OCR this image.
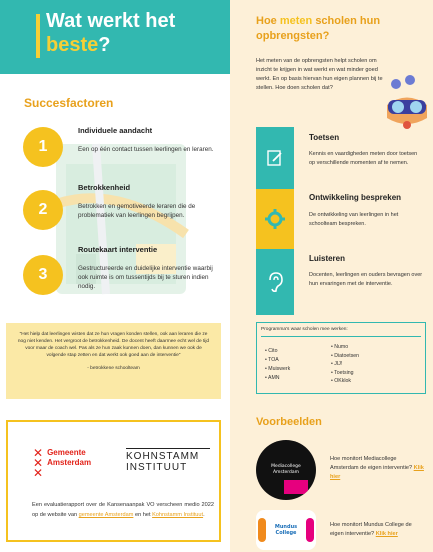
Wat werkt het
beste?
Succesfactoren
1
Individuele aandacht
Een op één contact tussen leerlingen en leraren.
2
Betrokkenheid
Betrokken en gemotiveerde leraren die de problematiek van leerlingen begrijpen.
3
Routekaart interventie
Gestructureerde en duidelijke interventie waarbij ook ruimte is om tussentijds bij te sturen indien nodig.

"Het hielp dat leerlingen wisten dat ze hun vragen konden stellen, ook aan leraren die ze nog niet kenden. Het vergroot de betrokkenheid. De docent heeft daarmee echt wel de tijd voor maar de coach wel. Pas als ze hun zaak kunnen doen, dan kunnen we ook de volgende stap zetten en dat werkt ook goed aan de interventie"

- betrokkene schoolteam

✕
✕
✕
Gemeente
Amsterdam
KOHNSTAMM
INSTITUUT
Een evaluatierapport over de Kansenaanpak VO verscheen medio 2022 op de website van gemeente Amsterdam en het Kohnstamm Instituut.
Hoe meten scholen hun opbrengsten?
Het meten van de opbrengsten helpt scholen om inzicht te krijgen in wat werkt en wat minder goed werkt. En op basis hiervan hun eigen plannen bij te stellen. Hoe doen scholen dat?
Toetsen
Kennis en vaardigheden meten door toetsen op verschillende momenten af te nemen.
Ontwikkeling bespreken
De ontwikkeling van leerlingen in het schoolteam bespreken.
Luisteren
Docenten, leerlingen en ouders bevragen over hun ervaringen met de interventie.
Programma's waar scholen mee werken:
• Cito
• TOA
• Muiswerk
• AMN
• Numo
• Diatoetsen
• JIJ!
• Toetsing
• OKklok
Voorbeelden
Mediacollege Amsterdam
Hoe monitort Mediacollege Amsterdam de eigen interventie? Klik hier
Mundus College
Hoe monitort Mundus College de eigen interventie? Klik hier
